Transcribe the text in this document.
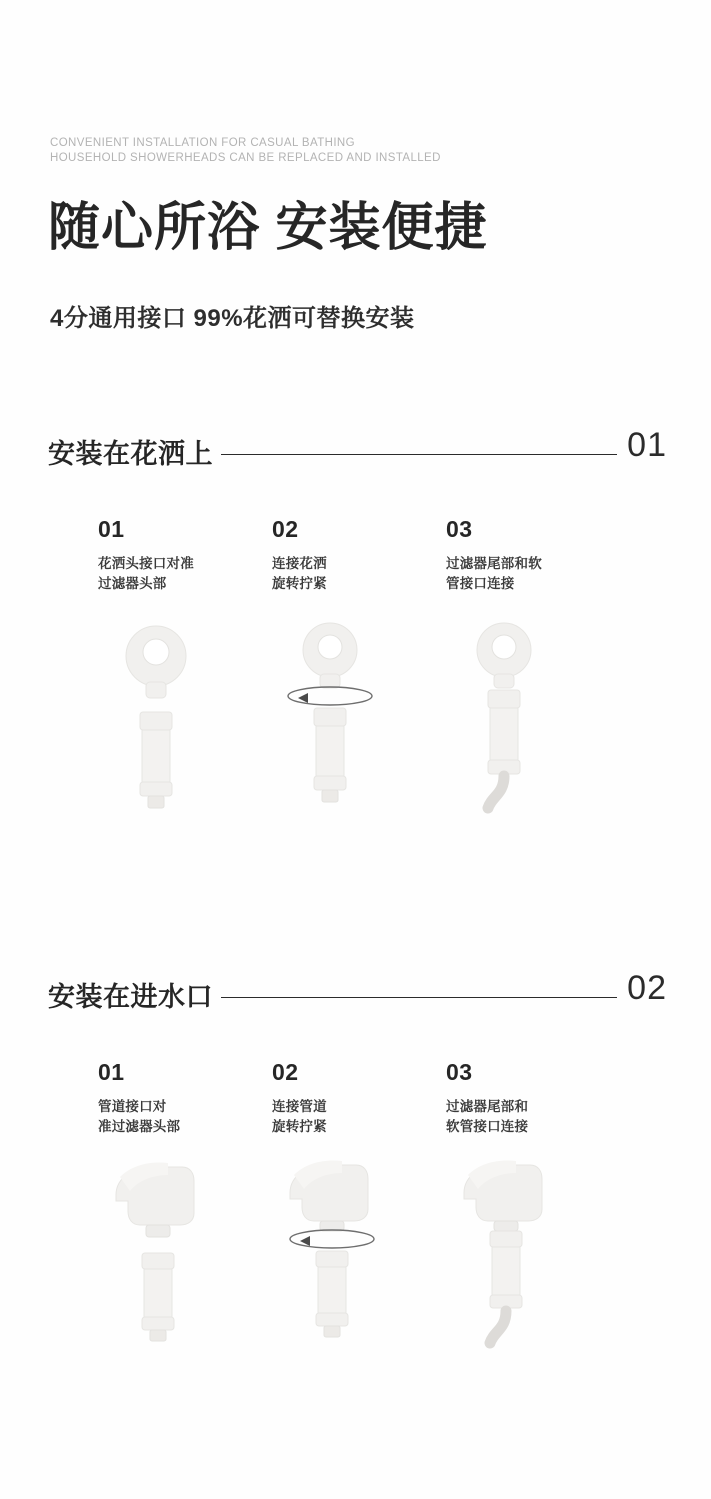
CONVENIENT INSTALLATION FOR CASUAL BATHING
HOUSEHOLD SHOWERHEADS CAN BE REPLACED AND INSTALLED
随心所浴 安装便捷
4分通用接口 99%花洒可替换安装
安装在花洒上	01
01
花洒头接口对准
过滤器头部
02
连接花洒
旋转拧紧
03
过滤器尾部和软
管接口连接
安装在进水口	02
01
管道接口对
准过滤器头部
02
连接管道
旋转拧紧
03
过滤器尾部和
软管接口连接
